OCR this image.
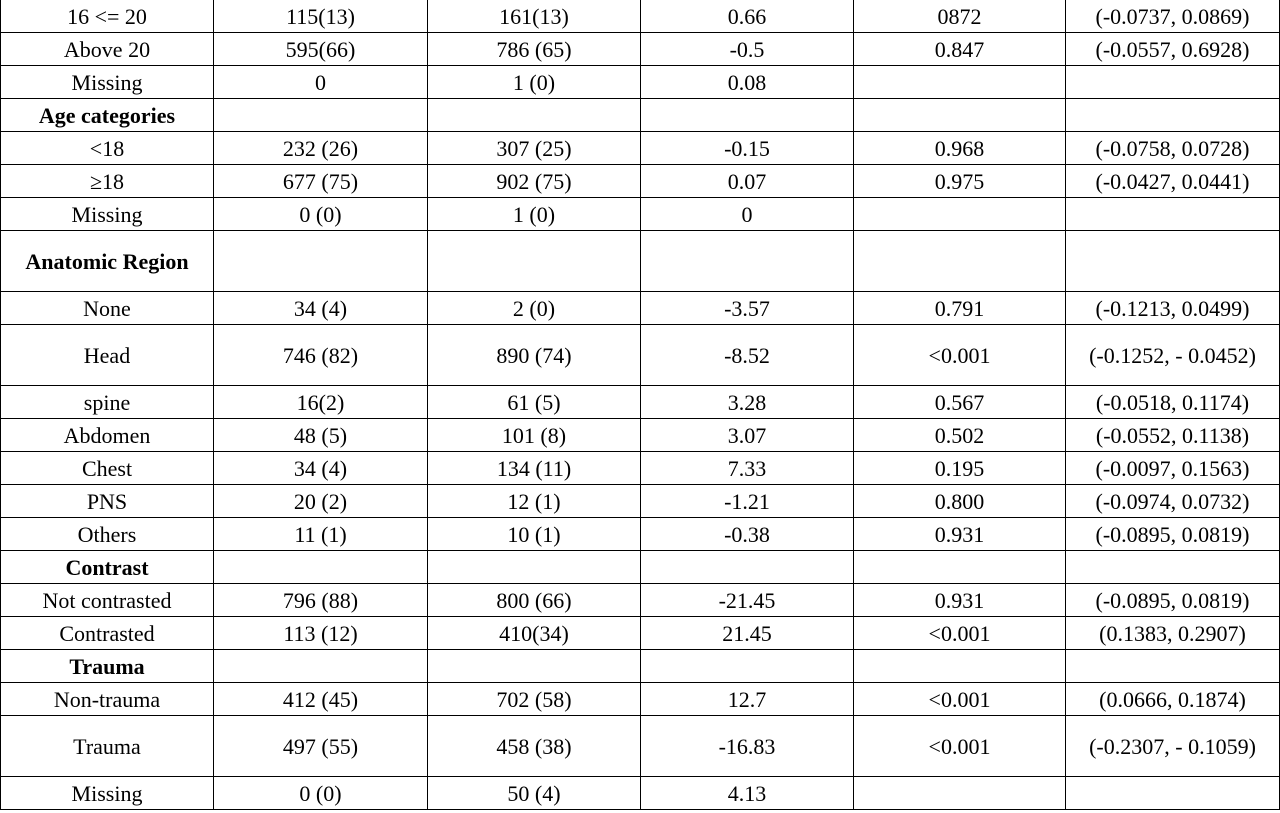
16 <= 20	115(13)	161(13)	0.66	0872	(-0.0737, 0.0869)
Above 20	595(66)	786 (65)	-0.5	0.847	(-0.0557, 0.6928)
Missing	0	1 (0)	0.08		
Age categories					
<18	232 (26)	307 (25)	-0.15	0.968	(-0.0758, 0.0728)
≥18	677 (75)	902 (75)	0.07	0.975	(-0.0427, 0.0441)
Missing	0 (0)	1 (0)	0		
Anatomic Region					
None	34 (4)	2 (0)	-3.57	0.791	(-0.1213, 0.0499)
Head	746 (82)	890 (74)	-8.52	<0.001	(-0.1252, - 0.0452)
spine	16(2)	61 (5)	3.28	0.567	(-0.0518, 0.1174)
Abdomen	48 (5)	101 (8)	3.07	0.502	(-0.0552, 0.1138)
Chest	34 (4)	134 (11)	7.33	0.195	(-0.0097, 0.1563)
PNS	20 (2)	12 (1)	-1.21	0.800	(-0.0974, 0.0732)
Others	11 (1)	10 (1)	-0.38	0.931	(-0.0895, 0.0819)
Contrast					
Not contrasted	796 (88)	800 (66)	-21.45	0.931	(-0.0895, 0.0819)
Contrasted	113 (12)	410(34)	21.45	<0.001	(0.1383, 0.2907)
Trauma					
Non-trauma	412 (45)	702 (58)	12.7	<0.001	(0.0666, 0.1874)
Trauma	497 (55)	458 (38)	-16.83	<0.001	(-0.2307, - 0.1059)
Missing	0 (0)	50 (4)	4.13		
